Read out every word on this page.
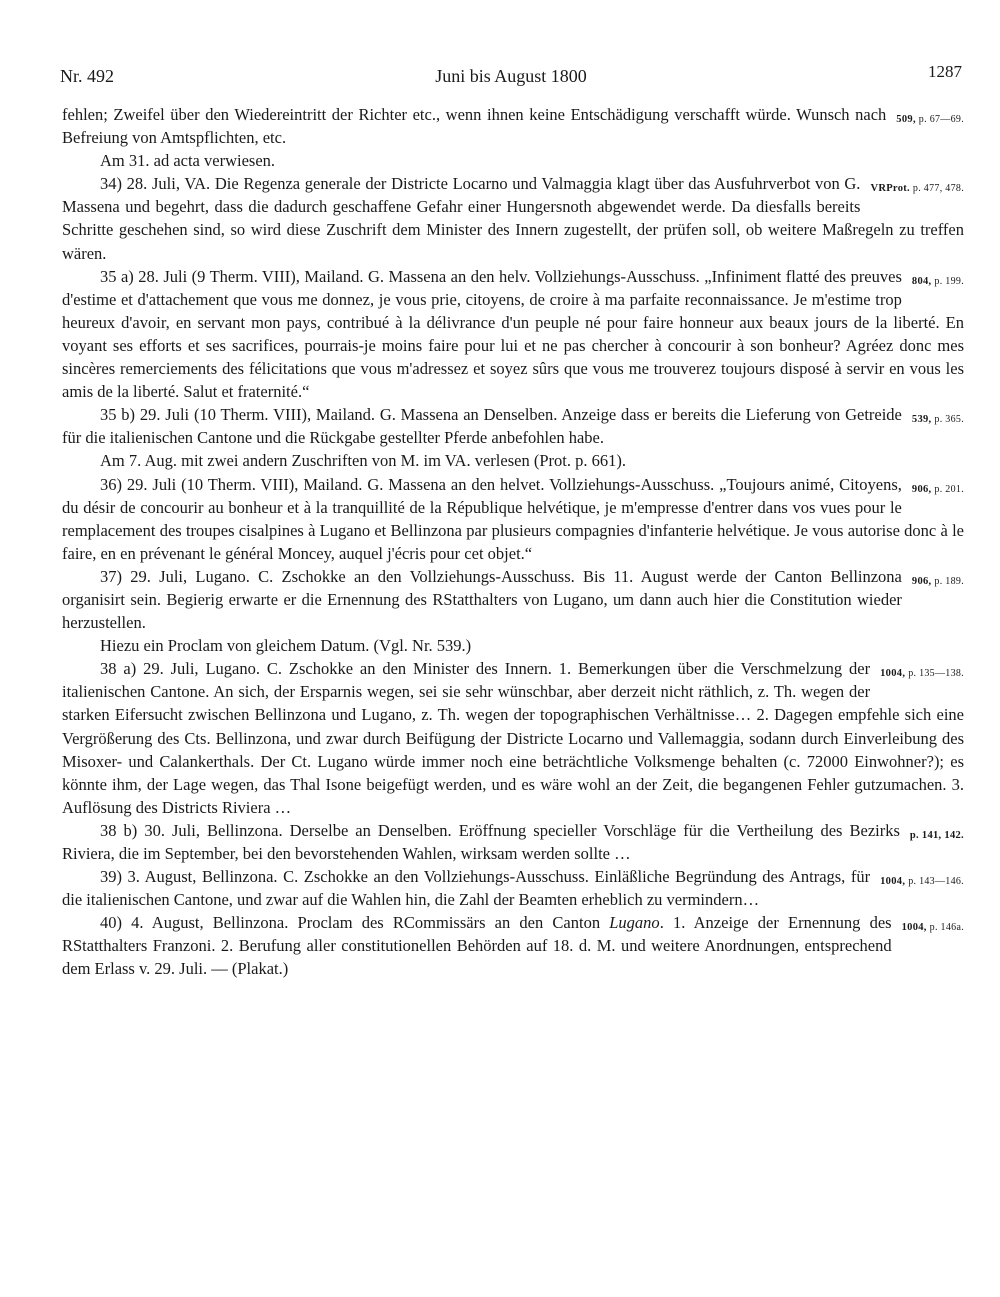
Nr. 492	Juni bis August 1800	1287

509, p. 67—69.
fehlen; Zweifel über den Wiedereintritt der Richter etc., wenn ihnen keine Entschädigung verschafft würde. Wunsch nach Befreiung von Amtspflichten, etc.

Am 31. ad acta verwiesen.

VRProt. p. 477, 478.
34) 28. Juli, VA. Die Regenza generale der Districte Locarno und Valmaggia klagt über das Ausfuhrverbot von G. Massena und begehrt, dass die dadurch geschaffene Gefahr einer Hungersnoth abgewendet werde. Da diesfalls bereits Schritte geschehen sind, so wird diese Zuschrift dem Minister des Innern zugestellt, der prüfen soll, ob weitere Maßregeln zu treffen wären.

804, p. 199.
35 a) 28. Juli (9 Therm. VIII), Mailand. G. Massena an den helv. Vollziehungs-Ausschuss. „Infiniment flatté des preuves d'estime et d'attachement que vous me donnez, je vous prie, citoyens, de croire à ma parfaite reconnaissance. Je m'estime trop heureux d'avoir, en servant mon pays, contribué à la délivrance d'un peuple né pour faire honneur aux beaux jours de la liberté. En voyant ses efforts et ses sacrifices, pourrais-je moins faire pour lui et ne pas chercher à concourir à son bonheur? Agréez donc mes sincères remerciements des félicitations que vous m'adressez et soyez sûrs que vous me trouverez toujours disposé à servir en vous les amis de la liberté. Salut et fraternité.“

539, p. 365.
35 b) 29. Juli (10 Therm. VIII), Mailand. G. Massena an Denselben. Anzeige dass er bereits die Lieferung von Getreide für die italienischen Cantone und die Rückgabe gestellter Pferde anbefohlen habe.

Am 7. Aug. mit zwei andern Zuschriften von M. im VA. verlesen (Prot. p. 661).

906, p. 201.
36) 29. Juli (10 Therm. VIII), Mailand. G. Massena an den helvet. Vollziehungs-Ausschuss. „Toujours animé, Citoyens, du désir de concourir au bonheur et à la tranquillité de la République helvétique, je m'empresse d'entrer dans vos vues pour le remplacement des troupes cisalpines à Lugano et Bellinzona par plusieurs compagnies d'infanterie helvétique. Je vous autorise donc à le faire, en en prévenant le général Moncey, auquel j'écris pour cet objet.“

906, p. 189.
37) 29. Juli, Lugano. C. Zschokke an den Vollziehungs-Ausschuss. Bis 11. August werde der Canton Bellinzona organisirt sein. Begierig erwarte er die Ernennung des RStatthalters von Lugano, um dann auch hier die Constitution wieder herzustellen.

Hiezu ein Proclam von gleichem Datum. (Vgl. Nr. 539.)

1004, p. 135—138.
38 a) 29. Juli, Lugano. C. Zschokke an den Minister des Innern. 1. Bemerkungen über die Verschmelzung der italienischen Cantone. An sich, der Ersparnis wegen, sei sie sehr wünschbar, aber derzeit nicht räthlich, z. Th. wegen der starken Eifersucht zwischen Bellinzona und Lugano, z. Th. wegen der topographischen Verhältnisse… 2. Dagegen empfehle sich eine Vergrößerung des Cts. Bellinzona, und zwar durch Beifügung der Districte Locarno und Vallemaggia, sodann durch Einverleibung des Misoxer- und Calankerthals. Der Ct. Lugano würde immer noch eine beträchtliche Volksmenge behalten (c. 72000 Einwohner?); es könnte ihm, der Lage wegen, das Thal Isone beigefügt werden, und es wäre wohl an der Zeit, die begangenen Fehler gutzumachen. 3. Auflösung des Districts Riviera …

p. 141, 142.
38 b) 30. Juli, Bellinzona. Derselbe an Denselben. Eröffnung specieller Vorschläge für die Vertheilung des Bezirks Riviera, die im September, bei den bevorstehenden Wahlen, wirksam werden sollte …

1004, p. 143—146.
39) 3. August, Bellinzona. C. Zschokke an den Vollziehungs-Ausschuss. Einläßliche Begründung des Antrags, für die italienischen Cantone, und zwar auf die Wahlen hin, die Zahl der Beamten erheblich zu vermindern…

1004, p. 146a.
40) 4. August, Bellinzona. Proclam des RCommissärs an den Canton Lugano. 1. Anzeige der Ernennung des RStatthalters Franzoni. 2. Berufung aller constitutionellen Behörden auf 18. d. M. und weitere Anordnungen, entsprechend dem Erlass v. 29. Juli. — (Plakat.)
